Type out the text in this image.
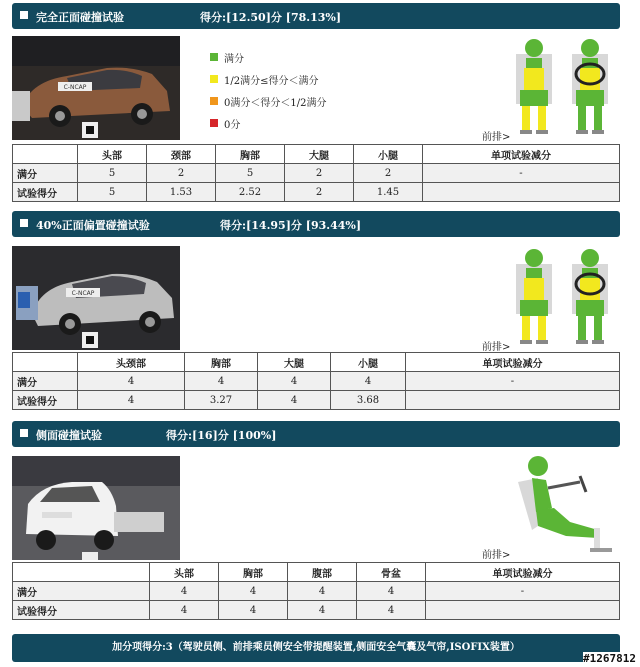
完全正面碰撞试验	得分:[12.50]分 [78.13%]
C-NCAP
满分
1/2满分≤得分＜满分
0满分＜得分＜1/2满分
0分
前排>
	头部	颈部	胸部	大腿	小腿	单项试验减分
满分	5	2	5	2	2	-
试验得分	5	1.53	2.52	2	1.45	
40%正面偏置碰撞试验	得分:[14.95]分 [93.44%]
C-NCAP
前排>
	头颈部	胸部	大腿	小腿	单项试验减分
满分	4	4	4	4	-
试验得分	4	3.27	4	3.68	
侧面碰撞试验	得分:[16]分 [100%]
前排>
	头部	胸部	腹部	骨盆	单项试验减分
满分	4	4	4	4	-
试验得分	4	4	4	4	
加分项得分:3（驾驶员侧、前排乘员侧安全带提醒装置,侧面安全气囊及气帘,ISOFIX装置）
#1267812
